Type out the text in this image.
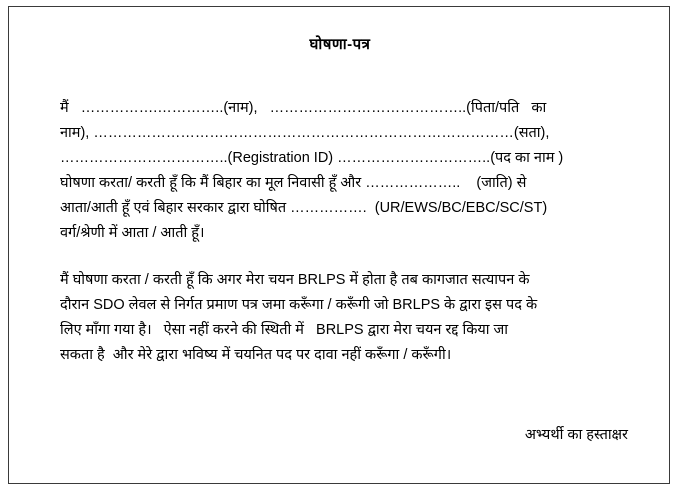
घोषणा-पत्र
मैं   …………….…………..(नाम),   …………………………………..(पिता/पति   का
नाम), ……………………………………………………………………………(सता),
……………………………..(Registration ID) …………………………..(पद का नाम )
घोषणा करता/ करती हूँ कि मैं बिहार का मूल निवासी हूँ और ………………..    (जाति) से
आता/आती हूँ एवं बिहार सरकार द्वारा घोषित …………….  (UR/EWS/BC/EBC/SC/ST)
वर्ग/श्रेणी में आता / आती हूँ।
मैं घोषणा करता / करती हूँ कि अगर मेरा चयन BRLPS में होता है तब कागजात सत्यापन के
दौरान SDO लेवल से निर्गत प्रमाण पत्र जमा करूँगा / करूँगी जो BRLPS के द्वारा इस पद के
लिए माँगा गया है।   ऐसा नहीं करने की स्थिती में   BRLPS द्वारा मेरा चयन रद्द किया जा
सकता है  और मेरे द्वारा भविष्य में चयनित पद पर दावा नहीं करूँगा / करूँगी।
अभ्यर्थी का हस्ताक्षर
